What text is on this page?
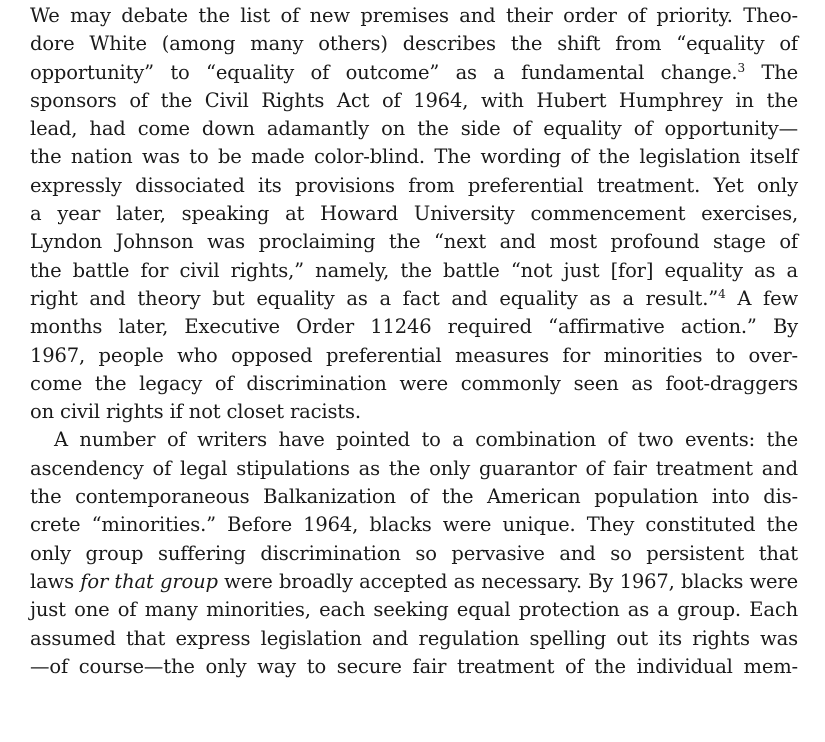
We may debate the list of new premises and their order of priority. Theo-
dore White (among many others) describes the shift from “equality of
opportunity” to “equality of outcome” as a fundamental change.$^3$ The
sponsors of the Civil Rights Act of 1964, with Hubert Humphrey in the
lead, had come down adamantly on the side of equality of opportunity—
the nation was to be made color-blind. The wording of the legislation itself
expressly dissociated its provisions from preferential treatment. Yet only
a year later, speaking at Howard University commencement exercises,
Lyndon Johnson was proclaiming the “next and most profound stage of
the battle for civil rights,” namely, the battle “not just [for] equality as a
right and theory but equality as a fact and equality as a result.”$^4$ A few
months later, Executive Order 11246 required “affirmative action.” By
1967, people who opposed preferential measures for minorities to over-
come the legacy of discrimination were commonly seen as foot-draggers
on civil rights if not closet racists.
A number of writers have pointed to a combination of two events: the
ascendency of legal stipulations as the only guarantor of fair treatment and
the contemporaneous Balkanization of the American population into dis-
crete “minorities.” Before 1964, blacks were unique. They constituted the
only group suffering discrimination so pervasive and so persistent that
laws for that group were broadly accepted as necessary. By 1967, blacks were
just one of many minorities, each seeking equal protection as a group. Each
assumed that express legislation and regulation spelling out its rights was
—of course—the only way to secure fair treatment of the individual mem-
